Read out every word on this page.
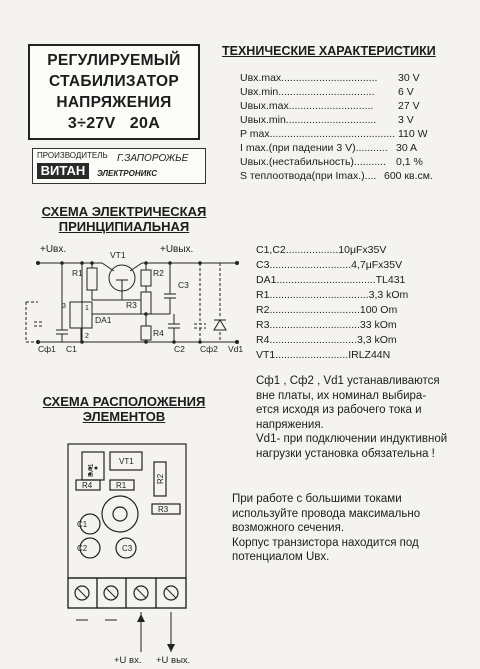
РЕГУЛИРУЕМЫЙ
СТАБИЛИЗАТОР
НАПРЯЖЕНИЯ
3÷27V   20A
ПРОИЗВОДИТЕЛЬ Г.ЗАПОРОЖЬЕ
ВИТАН	ЭЛЕКТРОНИКС
ТЕХНИЧЕСКИЕ ХАРАКТЕРИСТИКИ
Uвх.max................................. 30 V
Uвх.min................................. 6 V
Uвых.max............................. 27 V
Uвых.min............................... 3 V
P max........................................... 110 W
I max.(при падении 3 V)........... 30 A
Uвых.(нестабильность)........... 0,1 %
S теплоотвода(при Imax.).... 600 кв.см.
СХЕМА ЭЛЕКТРИЧЕСКАЯ
ПРИНЦИПИАЛЬНАЯ
+Uвх.	+Uвых.
VT1
R1	R2
R3
R4
C3
C1	C2
Сф1	Сф2 Vd1
DA1
1
2
3
C1,C2..................10μFx35V
C3............................4,7μFx35V
DA1..................................TL431
R1..................................3,3 kOm
R2...............................100 Om
R3...............................33 kOm
R4..............................3,3 kOm
VT1.........................IRLZ44N
Сф1 , Сф2 , Vd1 устанавливаются
вне платы, их номинал выбира-
ется исходя из рабочего тока и
напряжения.
Vd1- при подключении индуктивной
нагрузки установка обязательна !
СХЕМА РАСПОЛОЖЕНИЯ
ЭЛЕМЕНТОВ
VT1
DA1
R4	R1
R2
R3
C1
C2	C3
+U вх. +U вых.
При работе с большими токами
используйте провода максимально
возможного сечения.
Корпус транзистора находится под
потенциалом Uвх.
